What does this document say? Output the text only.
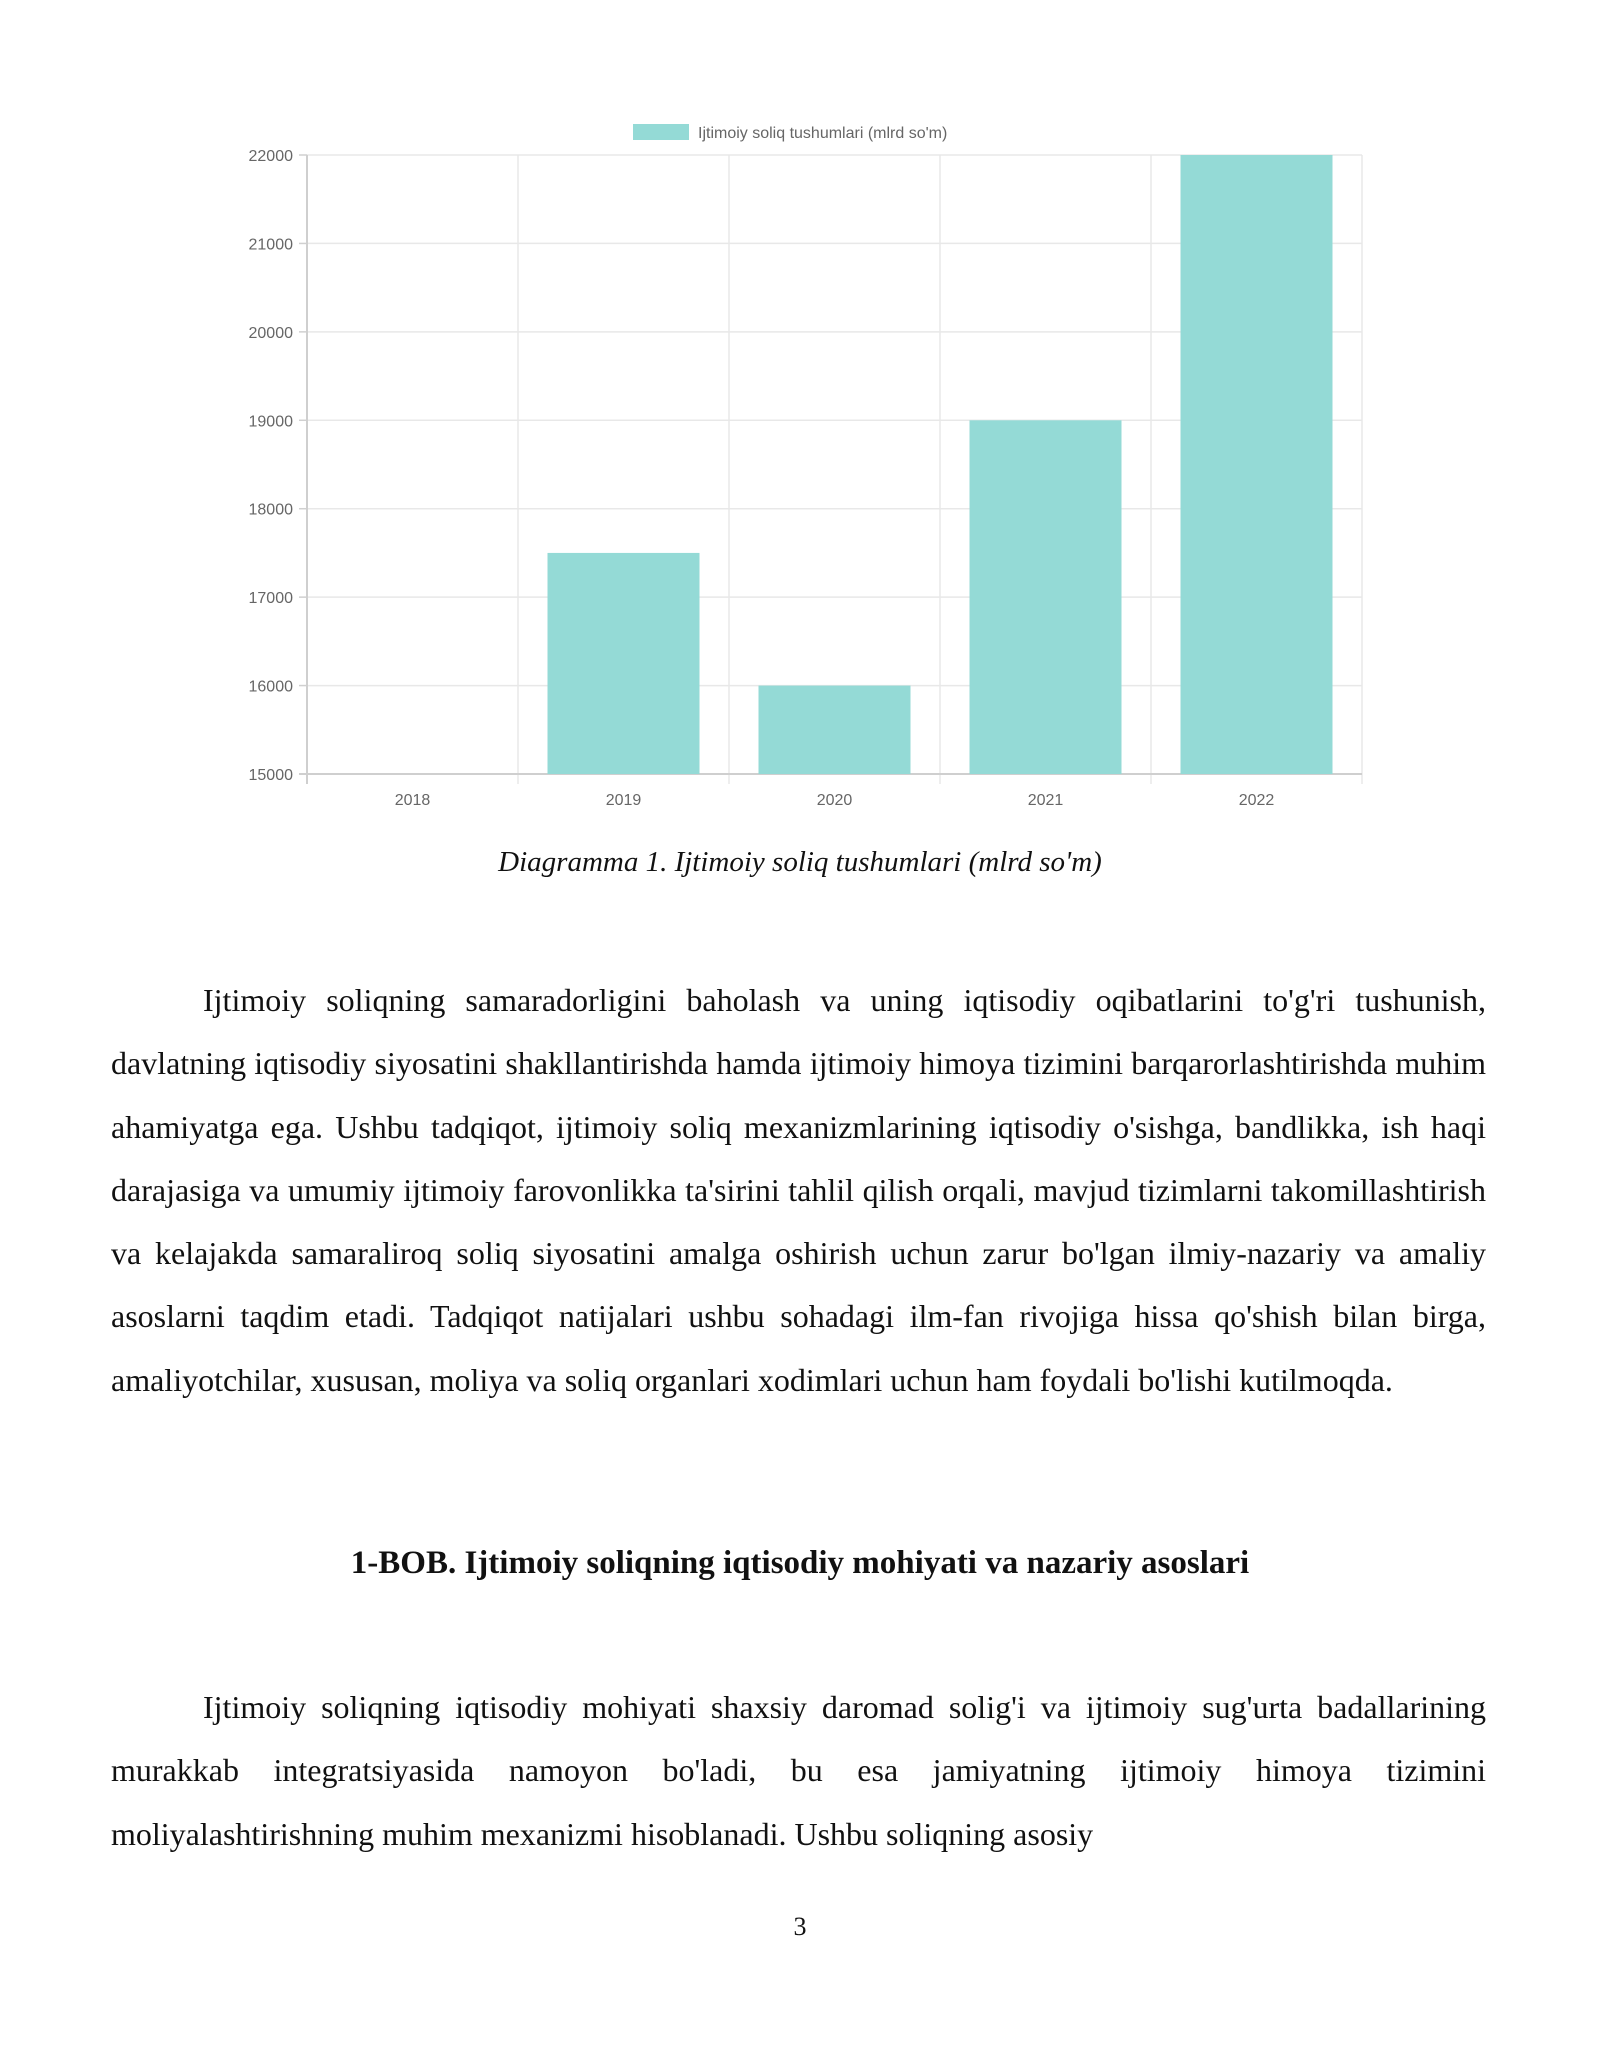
15000
16000
17000
18000
19000
20000
21000
22000
2018	2019	2020	2021	2022
Ijtimoiy soliq tushumlari (mlrd so'm)
Diagramma 1. Ijtimoiy soliq tushumlari (mlrd so'm)

Ijtimoiy soliqning samaradorligini baholash va uning iqtisodiy oqibatlarini to'g'ri tushunish, davlatning iqtisodiy siyosatini shakllantirishda hamda ijtimoiy himoya tizimini barqarorlashtirishda muhim ahamiyatga ega. Ushbu tadqiqot, ijtimoiy soliq mexanizmlarining iqtisodiy o'sishga, bandlikka, ish haqi darajasiga va umumiy ijtimoiy farovonlikka ta'sirini tahlil qilish orqali, mavjud tizimlarni takomillashtirish va kelajakda samaraliroq soliq siyosatini amalga oshirish uchun zarur bo'lgan ilmiy-nazariy va amaliy asoslarni taqdim etadi. Tadqiqot natijalari ushbu sohadagi ilm-fan rivojiga hissa qo'shish bilan birga, amaliyotchilar, xususan, moliya va soliq organlari xodimlari uchun ham foydali bo'lishi kutilmoqda.

1-BOB. Ijtimoiy soliqning iqtisodiy mohiyati va nazariy asoslari

Ijtimoiy soliqning iqtisodiy mohiyati shaxsiy daromad solig'i va ijtimoiy sug'urta badallarining murakkab integratsiyasida namoyon bo'ladi, bu esa jamiyatning ijtimoiy himoya tizimini moliyalashtirishning muhim mexanizmi hisoblanadi. Ushbu soliqning asosiy

3
